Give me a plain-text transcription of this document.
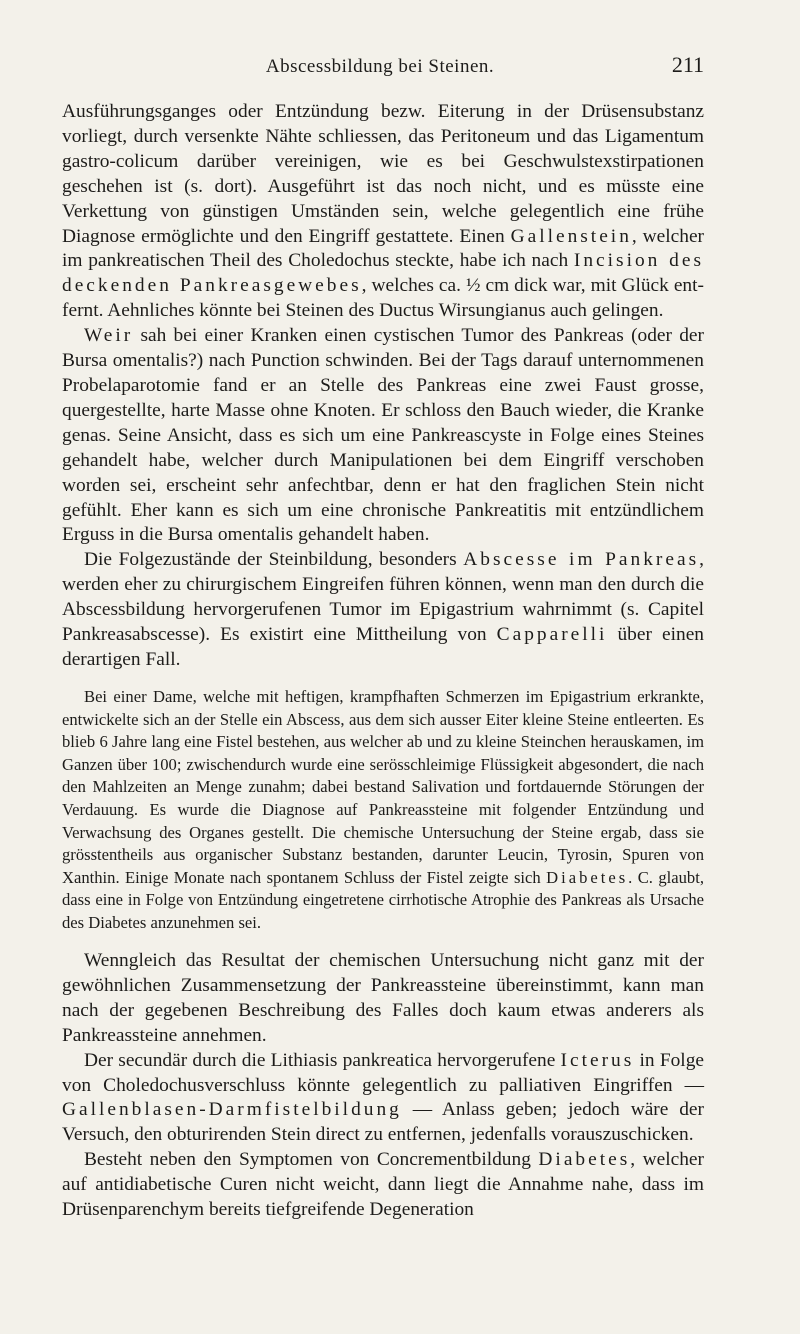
Abscessbildung bei Steinen.	211

Ausführungsganges oder Entzündung bezw. Eiterung in der Drüsensubstanz vorliegt, durch versenkte Nähte schliessen, das Peritoneum und das Ligamentum gastro-colicum darüber vereinigen, wie es bei Geschwulstexstirpationen geschehen ist (s. dort). Ausgeführt ist das noch nicht, und es müsste eine Verkettung von günstigen Umständen sein, welche gelegentlich eine frühe Diagnose ermöglichte und den Eingriff gestattete. Einen Gallenstein, welcher im pankreatischen Theil des Choledochus steckte, habe ich nach Incision des deckenden Pankreasgewebes, welches ca. ½ cm dick war, mit Glück entfernt. Aehnliches könnte bei Steinen des Ductus Wirsungianus auch gelingen.

Weir sah bei einer Kranken einen cystischen Tumor des Pankreas (oder der Bursa omentalis?) nach Punction schwinden. Bei der Tags darauf unternommenen Probelaparotomie fand er an Stelle des Pankreas eine zwei Faust grosse, quergestellte, harte Masse ohne Knoten. Er schloss den Bauch wieder, die Kranke genas. Seine Ansicht, dass es sich um eine Pankreascyste in Folge eines Steines gehandelt habe, welcher durch Manipulationen bei dem Eingriff verschoben worden sei, erscheint sehr anfechtbar, denn er hat den fraglichen Stein nicht gefühlt. Eher kann es sich um eine chronische Pankreatitis mit entzündlichem Erguss in die Bursa omentalis gehandelt haben.

Die Folgezustände der Steinbildung, besonders Abscesse im Pankreas, werden eher zu chirurgischem Eingreifen führen können, wenn man den durch die Abscessbildung hervorgerufenen Tumor im Epigastrium wahrnimmt (s. Capitel Pankreasabscesse). Es existirt eine Mittheilung von Capparelli über einen derartigen Fall.

Bei einer Dame, welche mit heftigen, krampfhaften Schmerzen im Epigastrium erkrankte, entwickelte sich an der Stelle ein Abscess, aus dem sich ausser Eiter kleine Steine entleerten. Es blieb 6 Jahre lang eine Fistel bestehen, aus welcher ab und zu kleine Steinchen herauskamen, im Ganzen über 100; zwischendurch wurde eine serösschleimige Flüssigkeit abgesondert, die nach den Mahlzeiten an Menge zunahm; dabei bestand Salivation und fortdauernde Störungen der Verdauung. Es wurde die Diagnose auf Pankreassteine mit folgender Entzündung und Verwachsung des Organes gestellt. Die chemische Untersuchung der Steine ergab, dass sie grösstentheils aus organischer Substanz bestanden, darunter Leucin, Tyrosin, Spuren von Xanthin. Einige Monate nach spontanem Schluss der Fistel zeigte sich Diabetes. C. glaubt, dass eine in Folge von Entzündung eingetretene cirrhotische Atrophie des Pankreas als Ursache des Diabetes anzunehmen sei.

Wenngleich das Resultat der chemischen Untersuchung nicht ganz mit der gewöhnlichen Zusammensetzung der Pankreassteine übereinstimmt, kann man nach der gegebenen Beschreibung des Falles doch kaum etwas anderers als Pankreassteine annehmen.

Der secundär durch die Lithiasis pankreatica hervorgerufene Icterus in Folge von Choledochusverschluss könnte gelegentlich zu palliativen Eingriffen — Gallenblasen-Darmfistelbildung — Anlass geben; jedoch wäre der Versuch, den obturirenden Stein direct zu entfernen, jedenfalls vorauszuschicken.

Besteht neben den Symptomen von Concrementbildung Diabetes, welcher auf antidiabetische Curen nicht weicht, dann liegt die Annahme nahe, dass im Drüsenparenchym bereits tiefgreifende Degeneration
